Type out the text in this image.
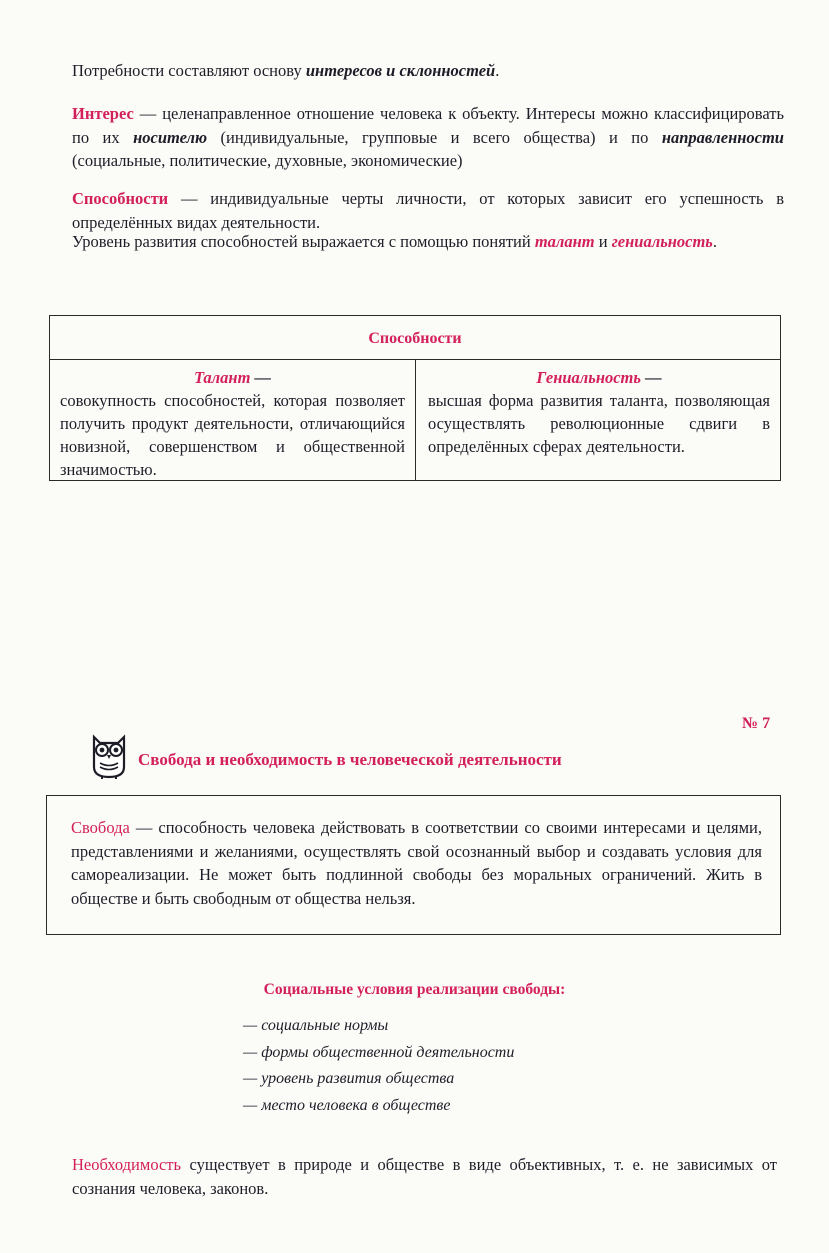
Потребности составляют основу интересов и склонностей.

Интерес — целенаправленное отношение человека к объекту. Интересы можно классифицировать по их носителю (индивидуальные, групповые и всего общества) и по направленности (социальные, политические, духовные, экономические)

Способности — индивидуальные черты личности, от которых зависит его успешность в определённых видах деятельности.

Уровень развития способностей выражается с помощью понятий талант и гениальность.

Способности
Талант —
совокупность способностей, которая позволяет получить продукт деятельности, отличающийся новизной, совершенством и общественной значимостью.
Гениальность —
высшая форма развития таланта, позволяющая осуществлять революционные сдвиги в определённых сферах деятельности.
№ 7
Свобода и необходимость в человеческой деятельности

Свобода — способность человека действовать в соответствии со своими интересами и целями, представлениями и желаниями, осуществлять свой осознанный выбор и создавать условия для самореализации. Не может быть подлинной свободы без моральных ограничений. Жить в обществе и быть свободным от общества нельзя.

Социальные условия реализации свободы:
— социальные нормы
— формы общественной деятельности
— уровень развития общества
— место человека в обществе

Необходимость существует в природе и обществе в виде объективных, т. е. не зависимых от сознания человека, законов.
